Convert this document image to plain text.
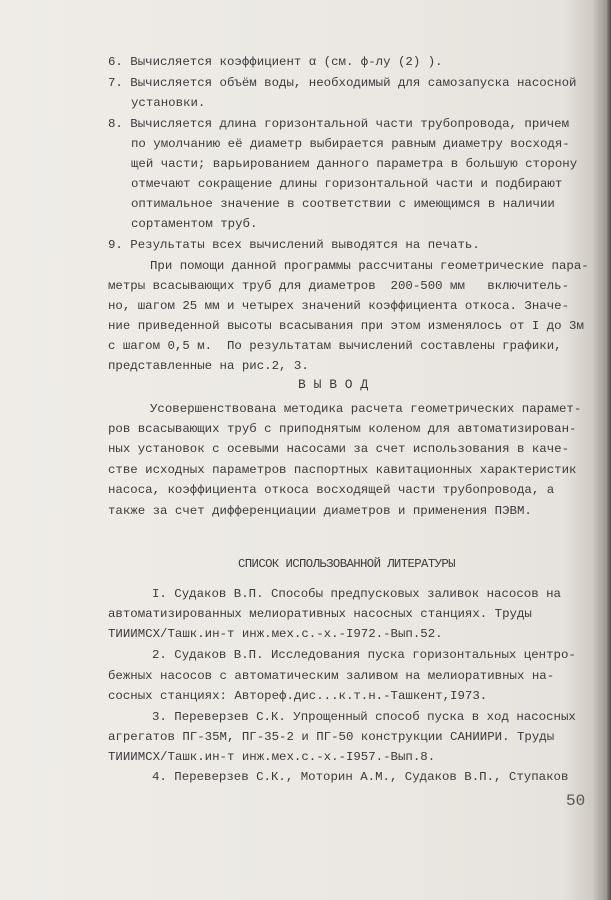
6. Вычисляется коэффициент α (см. ф-лу (2) ).
7. Вычисляется объём воды, необходимый для самозапуска насосной
установки.
8. Вычисляется длина горизонтальной части трубопровода, причем
по умолчанию её диаметр выбирается равным диаметру восходя-
щей части; варьированием данного параметра в большую сторону
отмечают сокращение длины горизонтальной части и подбирают
оптимальное значение в соответствии с имеющимся в наличии
сортаментом труб.
9. Результаты всех вычислений выводятся на печать.
При помощи данной программы рассчитаны геометрические пара-
метры всасывающих труб для диаметров  200-500 мм   включитель-
но, шагом 25 мм и четырех значений коэффициента откоса. Значе-
ние приведенной высоты всасывания при этом изменялось от I до 3м
с шагом 0,5 м.  По результатам вычислений составлены графики,
представленные на рис.2, 3.
В Ы В О Д
Усовершенствована методика расчета геометрических парамет-
ров всасывающих труб с приподнятым коленом для автоматизирован-
ных установок с осевыми насосами за счет использования в каче-
стве исходных параметров паспортных кавитационных характеристик
насоса, коэффициента откоса восходящей части трубопровода, а
также за счет дифференциации диаметров и применения ПЭВМ.
СПИСОК ИСПОЛЬЗОВАННОЙ ЛИТЕРАТУРЫ
I. Судаков В.П. Способы предпусковых заливок насосов на
автоматизированных мелиоративных насосных станциях. Труды
ТИИИМСХ/Ташк.ин-т инж.мех.с.-х.-I972.-Вып.52.
2. Судаков В.П. Исследования пуска горизонтальных центро-
бежных насосов с автоматическим заливом на мелиоративных на-
сосных станциях: Автореф.дис...к.т.н.-Ташкент,I973.
3. Переверзев С.К. Упрощенный способ пуска в ход насосных
агрегатов ПГ-35М, ПГ-35-2 и ПГ-50 конструкции САНИИРИ. Труды
ТИИИМСХ/Ташк.ин-т инж.мех.с.-х.-I957.-Вып.8.
4. Переверзев С.К., Моторин А.М., Судаков В.П., Ступаков
50
